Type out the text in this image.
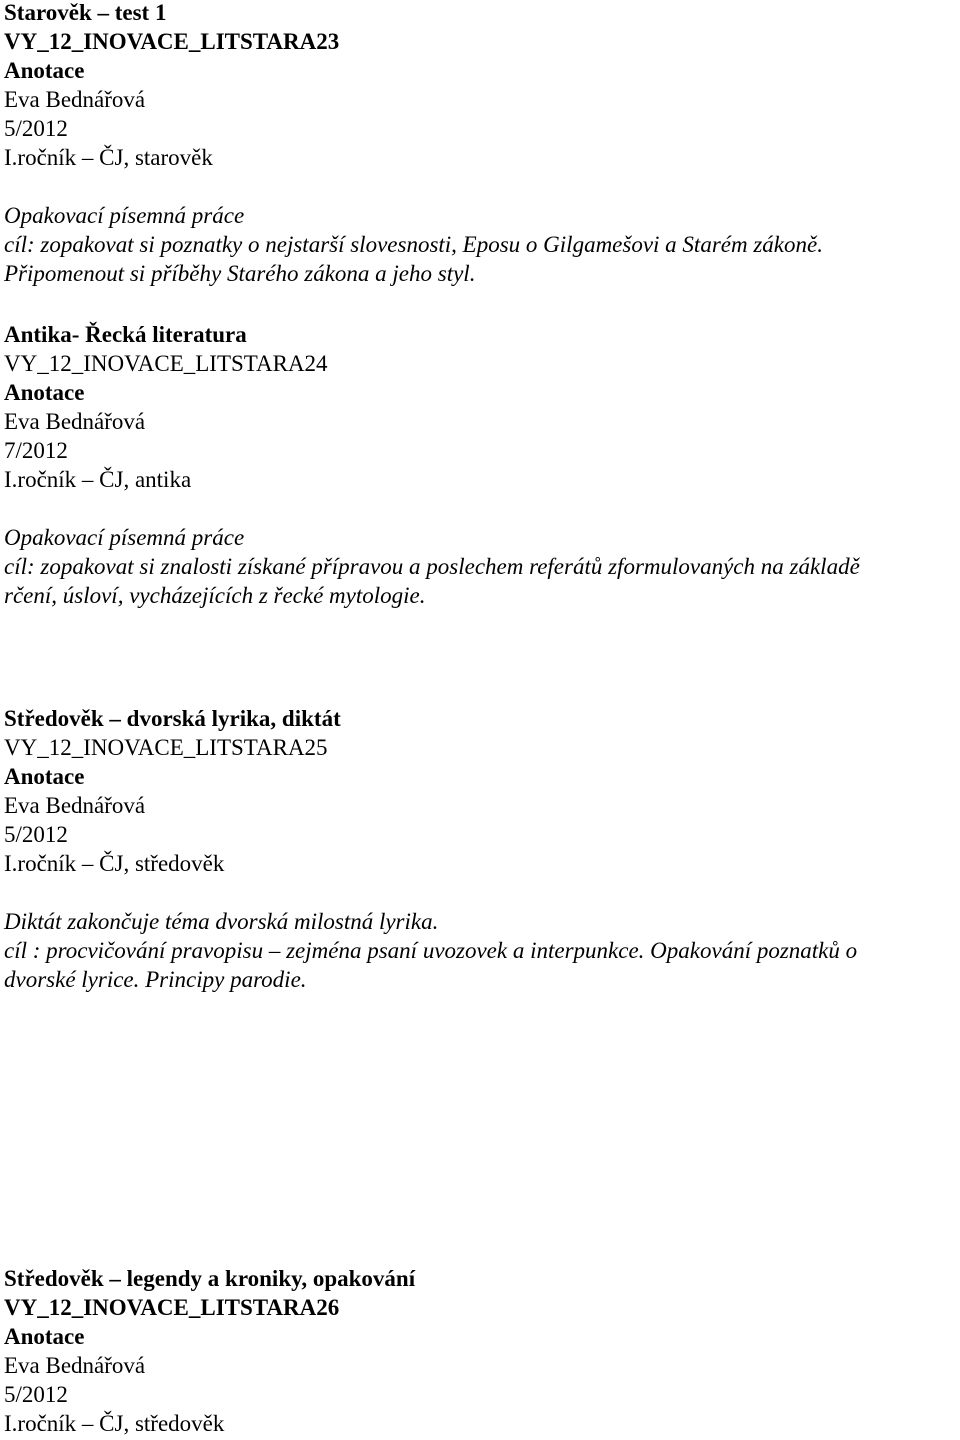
Starověk – test 1
VY_12_INOVACE_LITSTARA23
Anotace
Eva Bednářová
5/2012
I.ročník – ČJ, starověk
Opakovací písemná práce
cíl: zopakovat si poznatky o nejstarší slovesnosti, Eposu o Gilgamešovi a Starém zákoně.
Připomenout si příběhy Starého zákona a jeho styl.
Antika- Řecká literatura
VY_12_INOVACE_LITSTARA24
Anotace
Eva Bednářová
7/2012
I.ročník – ČJ, antika
Opakovací písemná práce
cíl: zopakovat si znalosti získané přípravou a poslechem referátů zformulovaných na základě
rčení, úsloví, vycházejících z řecké mytologie.
Středověk – dvorská lyrika, diktát
VY_12_INOVACE_LITSTARA25
Anotace
Eva Bednářová
5/2012
I.ročník – ČJ, středověk
Diktát zakončuje téma dvorská milostná lyrika.
cíl : procvičování pravopisu – zejména psaní uvozovek a interpunkce. Opakování poznatků o
dvorské lyrice. Principy parodie.
Středověk – legendy a kroniky, opakování
VY_12_INOVACE_LITSTARA26
Anotace
Eva Bednářová
5/2012
I.ročník – ČJ, středověk
